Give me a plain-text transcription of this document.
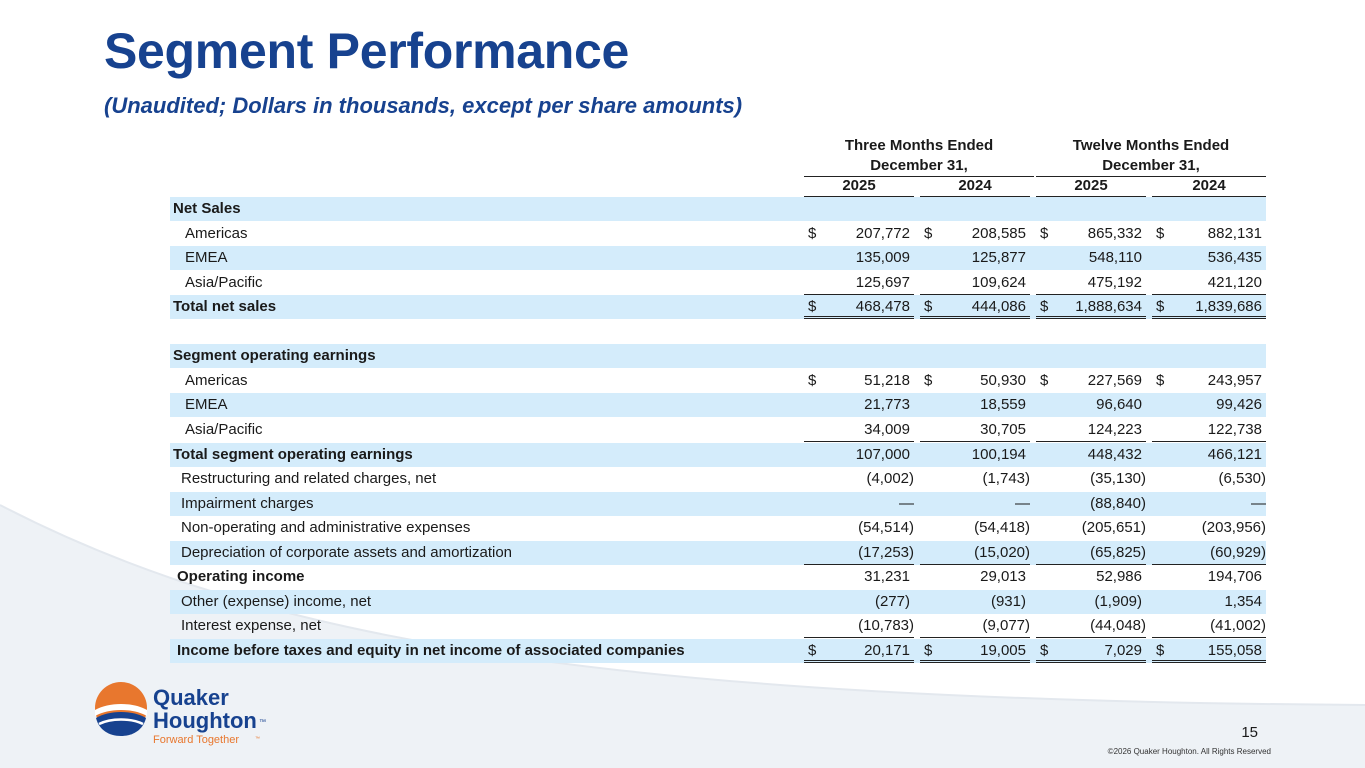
Segment Performance

(Unaudited; Dollars in thousands, except per share amounts)

Three Months Ended
December 31,
Twelve Months Ended
December 31,
2025	2024	2025	2024
Net Sales
Americas	$	207,772 $	208,585 $	865,332 $	882,131
EMEA	135,009	125,877	548,110	536,435
Asia/Pacific	125,697	109,624	475,192	421,120
Total net sales	$	468,478 $	444,086 $ 1,888,634 $ 1,839,686
Segment operating earnings
Americas	$	51,218 $	50,930 $	227,569 $	243,957
EMEA	21,773	18,559	96,640	99,426
Asia/Pacific	34,009	30,705	124,223	122,738
Total segment operating earnings	107,000	100,194	448,432	466,121
Restructuring and related charges, net	(4,002)	(1,743)	(35,130)	(6,530)
Impairment charges	—	—	(88,840)	—
Non-operating and administrative expenses	(54,514)	(54,418)	(205,651)	(203,956)
Depreciation of corporate assets and amortization	(17,253)	(15,020)	(65,825)	(60,929)
Operating income	31,231	29,013	52,986	194,706
Other (expense) income, net	(277)	(931)	(1,909)	1,354
Interest expense, net	(10,783)	(9,077)	(44,048)	(41,002)
Income before taxes and equity in net income of associated companies	$	20,171 $	19,005 $	7,029 $	155,058
Quaker
Houghton ™
Forward Together	™	15
©2026 Quaker Houghton. All Rights Reserved
